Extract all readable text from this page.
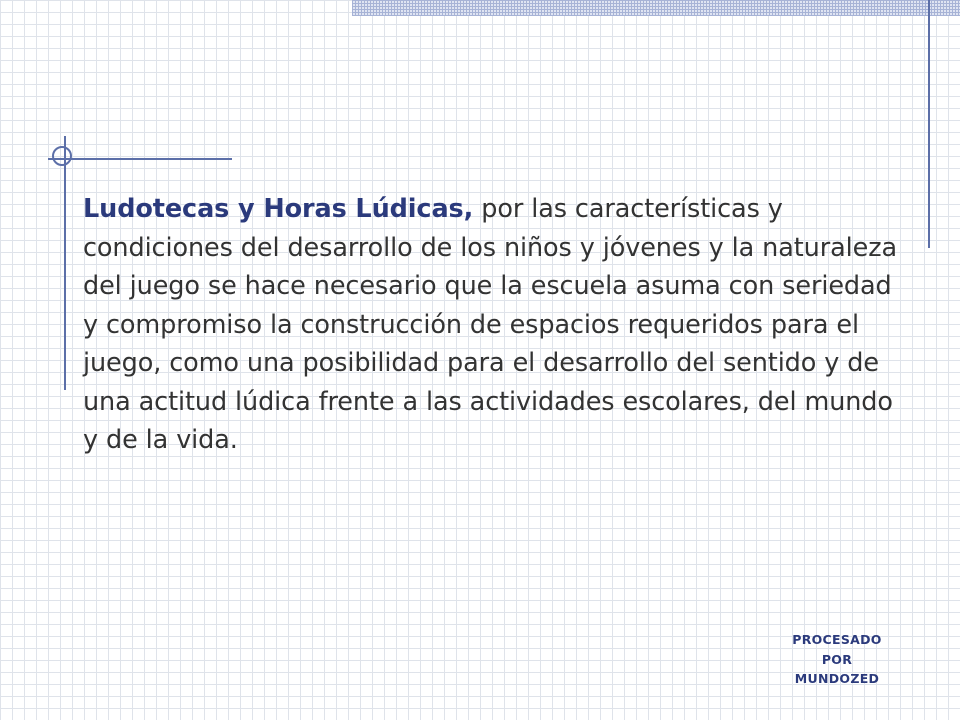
Ludotecas y Horas Lúdicas, por las características y condiciones del desarrollo de los niños y jóvenes y la naturaleza del juego se hace necesario que la escuela asuma con seriedad y compromiso la construcción de espacios requeridos para el juego, como una posibilidad para el desarrollo del sentido y de una actitud lúdica frente a las actividades escolares, del mundo y de la vida.

PROCESADO
POR
MUNDOZED
